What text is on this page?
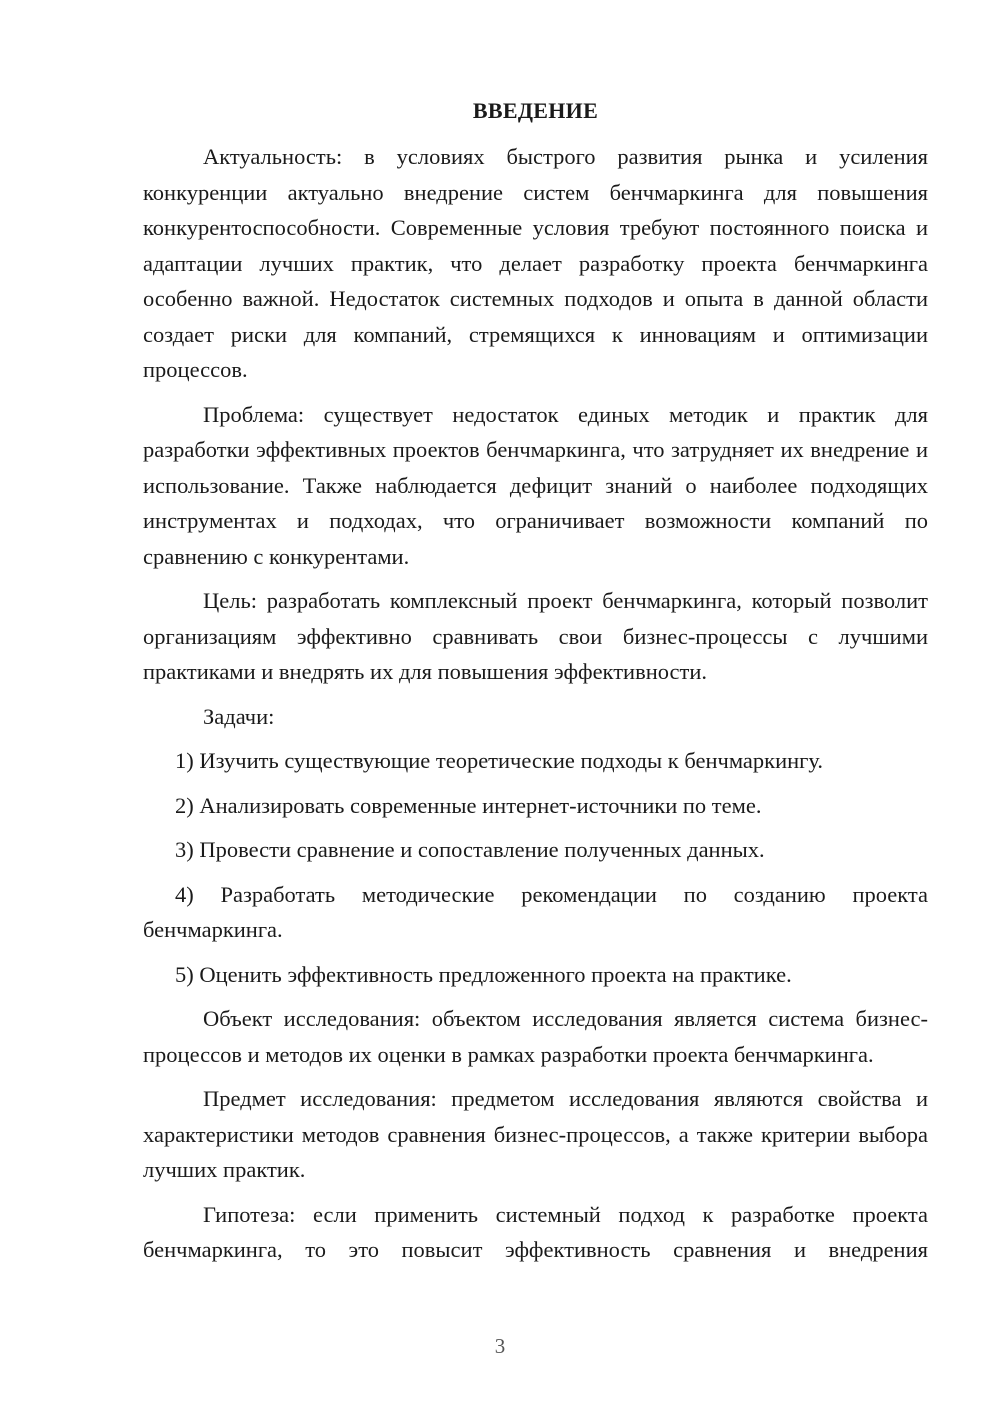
ВВЕДЕНИЕ

Актуальность: в условиях быстрого развития рынка и усиления конкуренции актуально внедрение систем бенчмаркинга для повышения конкурентоспособности. Современные условия требуют постоянного поиска и адаптации лучших практик, что делает разработку проекта бенчмаркинга особенно важной. Недостаток системных подходов и опыта в данной области создает риски для компаний, стремящихся к инновациям и оптимизации процессов.

Проблема: существует недостаток единых методик и практик для разработки эффективных проектов бенчмаркинга, что затрудняет их внедрение и использование. Также наблюдается дефицит знаний о наиболее подходящих инструментах и подходах, что ограничивает возможности компаний по сравнению с конкурентами.

Цель: разработать комплексный проект бенчмаркинга, который позволит организациям эффективно сравнивать свои бизнес-процессы с лучшими практиками и внедрять их для повышения эффективности.

Задачи:

1) Изучить существующие теоретические подходы к бенчмаркингу.

2) Анализировать современные интернет-источники по теме.

3) Провести сравнение и сопоставление полученных данных.

4) Разработать методические рекомендации по созданию проекта бенчмаркинга.

5) Оценить эффективность предложенного проекта на практике.

Объект исследования: объектом исследования является система бизнес-процессов и методов их оценки в рамках разработки проекта бенчмаркинга.

Предмет исследования: предметом исследования являются свойства и характеристики методов сравнения бизнес-процессов, а также критерии выбора лучших практик.

Гипотеза: если применить системный подход к разработке проекта бенчмаркинга, то это повысит эффективность сравнения и внедрения

3
